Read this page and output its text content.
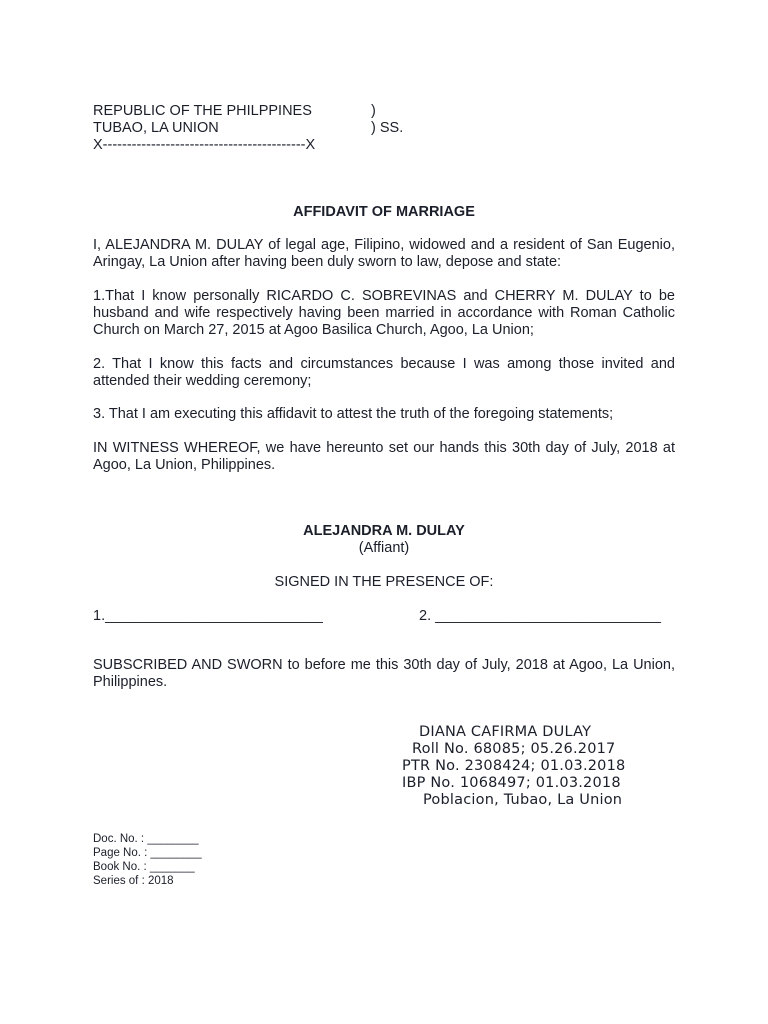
REPUBLIC OF THE PHILPPINES	)
TUBAO, LA UNION	) SS.
X------------------------------------------X
AFFIDAVIT OF MARRIAGE
I, ALEJANDRA M. DULAY of legal age, Filipino, widowed and a resident of San Eugenio, Aringay, La Union after having been duly sworn to law, depose and state:
1.That I know personally RICARDO C. SOBREVINAS and CHERRY M. DULAY to be husband and wife respectively having been married in accordance with Roman Catholic Church on March 27, 2015 at Agoo Basilica Church, Agoo, La Union;
2. That I know this facts and circumstances because I was among those invited and attended their wedding ceremony;
3. That I am executing this affidavit to attest the truth of the foregoing statements;
IN WITNESS WHEREOF, we have hereunto set our hands this 30th day of July, 2018 at Agoo, La Union, Philippines.
ALEJANDRA M. DULAY
(Affiant)
SIGNED IN THE PRESENCE OF:
1.___________________________	2. ____________________________
SUBSCRIBED AND SWORN to before me this 30th day of July, 2018 at Agoo, La Union, Philippines.
DIANA CAFIRMA DULAY
Roll No. 68085; 05.26.2017
PTR No. 2308424; 01.03.2018
IBP No. 1068497; 01.03.2018
Poblacion, Tubao, La Union
Doc. No. : ________
Page No. : ________
Book No. : _______
Series of : 2018
